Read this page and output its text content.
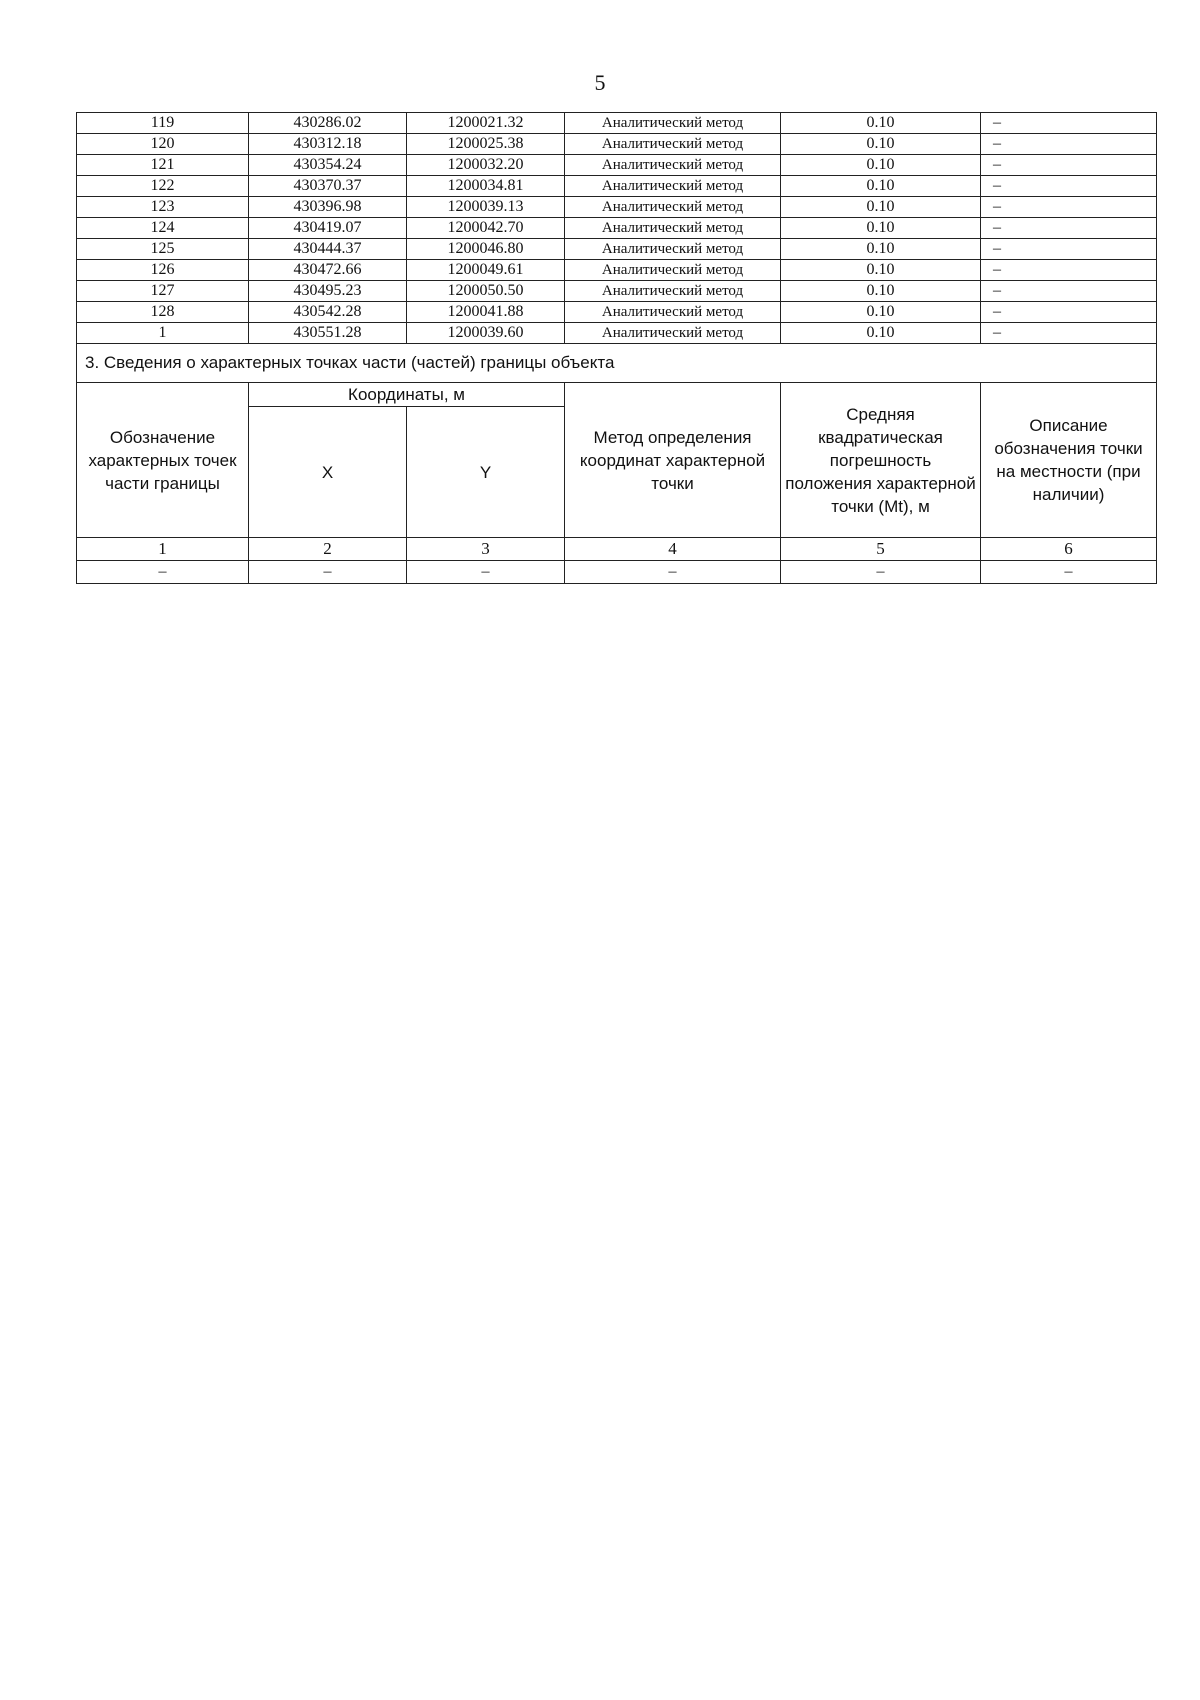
5
119	430286.02	1200021.32	Аналитический метод	0.10	–
120	430312.18	1200025.38	Аналитический метод	0.10	–
121	430354.24	1200032.20	Аналитический метод	0.10	–
122	430370.37	1200034.81	Аналитический метод	0.10	–
123	430396.98	1200039.13	Аналитический метод	0.10	–
124	430419.07	1200042.70	Аналитический метод	0.10	–
125	430444.37	1200046.80	Аналитический метод	0.10	–
126	430472.66	1200049.61	Аналитический метод	0.10	–
127	430495.23	1200050.50	Аналитический метод	0.10	–
128	430542.28	1200041.88	Аналитический метод	0.10	–
1	430551.28	1200039.60	Аналитический метод	0.10	–
3. Сведения о характерных точках части (частей) границы объекта					
Обозначение характерных точек части границы	Координаты, м		Метод определения координат характерной точки	Средняя квадратическая погрешность положения характерной точки (Mt), м	Описание обозначения точки на местности (при наличии)
	X	Y			
1	2	3	4	5	6
–	–	–	–	–	–
